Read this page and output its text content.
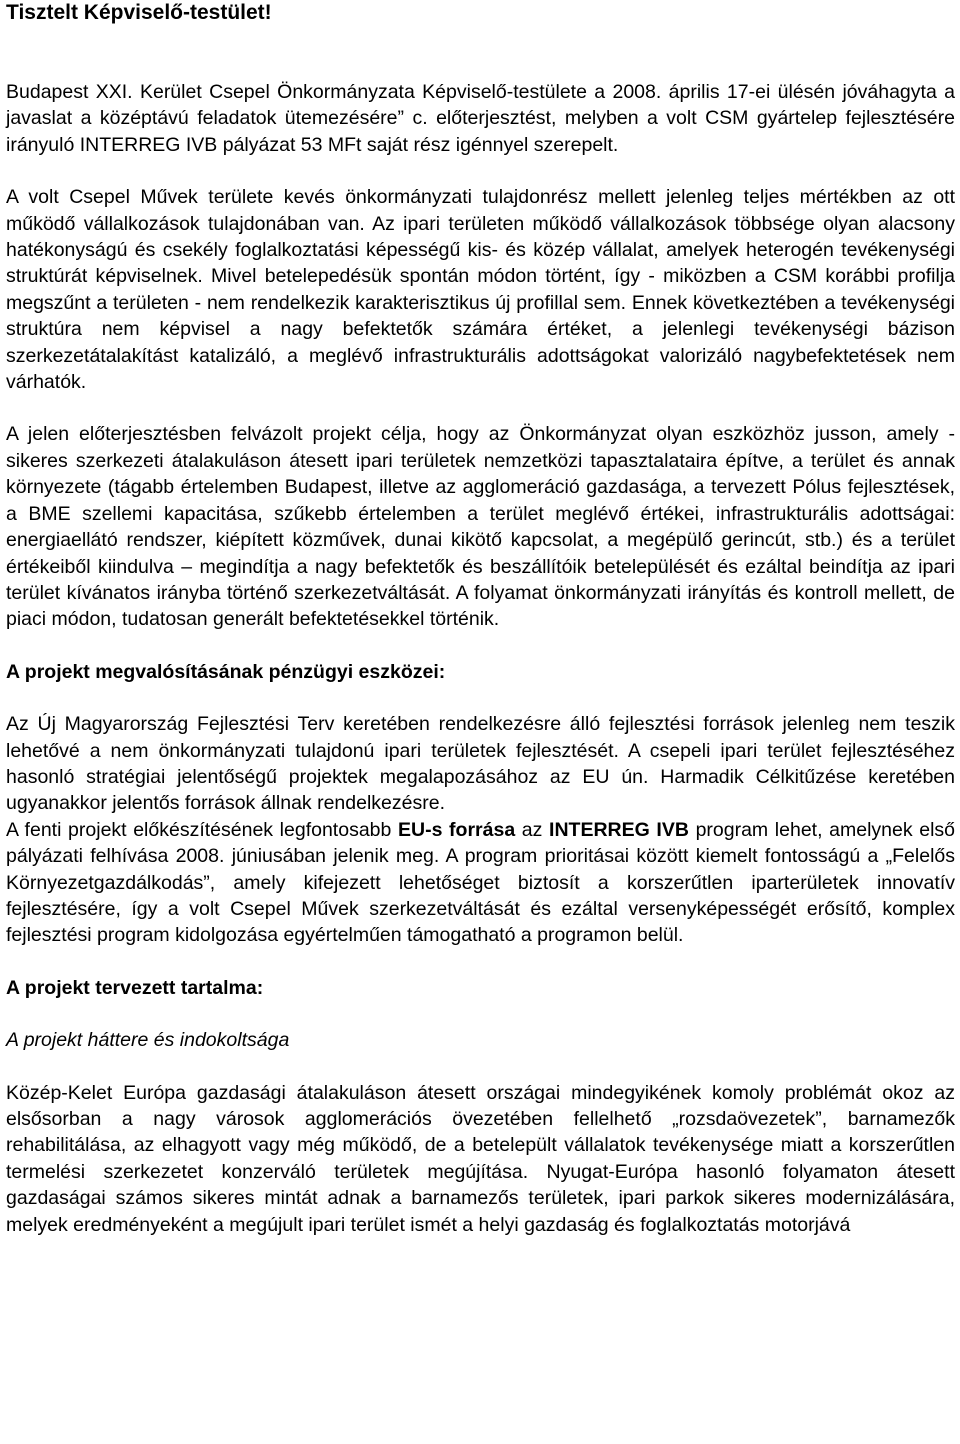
Tisztelt Képviselő-testület!

Budapest XXI. Kerület Csepel Önkormányzata Képviselő-testülete a 2008. április 17-ei ülésén jóváhagyta a javaslat a középtávú feladatok ütemezésére” c. előterjesztést, melyben a volt CSM gyártelep fejlesztésére irányuló INTERREG IVB pályázat 53 MFt saját rész igénnyel szerepelt.

A volt Csepel Művek területe kevés önkormányzati tulajdonrész mellett jelenleg teljes mértékben az ott működő vállalkozások tulajdonában van. Az ipari területen működő vállalkozások többsége olyan alacsony hatékonyságú és csekély foglalkoztatási képességű kis- és közép vállalat, amelyek heterogén tevékenységi struktúrát képviselnek. Mivel betelepedésük spontán módon történt, így - miközben a CSM korábbi profilja megszűnt a területen - nem rendelkezik karakterisztikus új profillal sem. Ennek következtében a tevékenységi struktúra nem képvisel a nagy befektetők számára értéket, a jelenlegi tevékenységi bázison szerkezetátalakítást katalizáló, a meglévő infrastrukturális adottságokat valorizáló nagybefektetések nem várhatók.

A jelen előterjesztésben felvázolt projekt célja, hogy az Önkormányzat olyan eszközhöz jusson, amely - sikeres szerkezeti átalakuláson átesett ipari területek nemzetközi tapasztalataira építve, a terület és annak környezete (tágabb értelemben Budapest, illetve az agglomeráció gazdasága, a tervezett Pólus fejlesztések, a BME szellemi kapacitása, szűkebb értelemben a terület meglévő értékei, infrastrukturális adottságai: energiaellátó rendszer, kiépített közművek, dunai kikötő kapcsolat, a megépülő gerincút, stb.) és a terület értékeiből kiindulva – megindítja a nagy befektetők és beszállítóik betelepülését és ezáltal beindítja az ipari terület kívánatos irányba történő szerkezetváltását. A folyamat önkormányzati irányítás és kontroll mellett, de piaci módon, tudatosan generált befektetésekkel történik.

A projekt megvalósításának pénzügyi eszközei:

Az Új Magyarország Fejlesztési Terv keretében rendelkezésre álló fejlesztési források jelenleg nem teszik lehetővé a nem önkormányzati tulajdonú ipari területek fejlesztését. A csepeli ipari terület fejlesztéséhez hasonló stratégiai jelentőségű projektek megalapozásához az EU ún. Harmadik Célkitűzése keretében ugyanakkor jelentős források állnak rendelkezésre.

A fenti projekt előkészítésének legfontosabb EU-s forrása az INTERREG IVB program lehet, amelynek első pályázati felhívása 2008. júniusában jelenik meg. A program prioritásai között kiemelt fontosságú a „Felelős Környezetgazdálkodás”, amely kifejezett lehetőséget biztosít a korszerűtlen iparterületek innovatív fejlesztésére, így a volt Csepel Művek szerkezetváltását és ezáltal versenyképességét erősítő, komplex fejlesztési program kidolgozása egyértelműen támogatható a programon belül.

A projekt tervezett tartalma:
A projekt háttere és indokoltsága

Közép-Kelet Európa gazdasági átalakuláson átesett országai mindegyikének komoly problémát okoz az elsősorban a nagy városok agglomerációs övezetében fellelhető „rozsdaövezetek”, barnamezők rehabilitálása, az elhagyott vagy még működő, de a betelepült vállalatok tevékenysége miatt a korszerűtlen termelési szerkezetet konzerváló területek megújítása. Nyugat-Európa hasonló folyamaton átesett gazdaságai számos sikeres mintát adnak a barnamezős területek, ipari parkok sikeres modernizálására, melyek eredményeként a megújult ipari terület ismét a helyi gazdaság és foglalkoztatás motorjává
